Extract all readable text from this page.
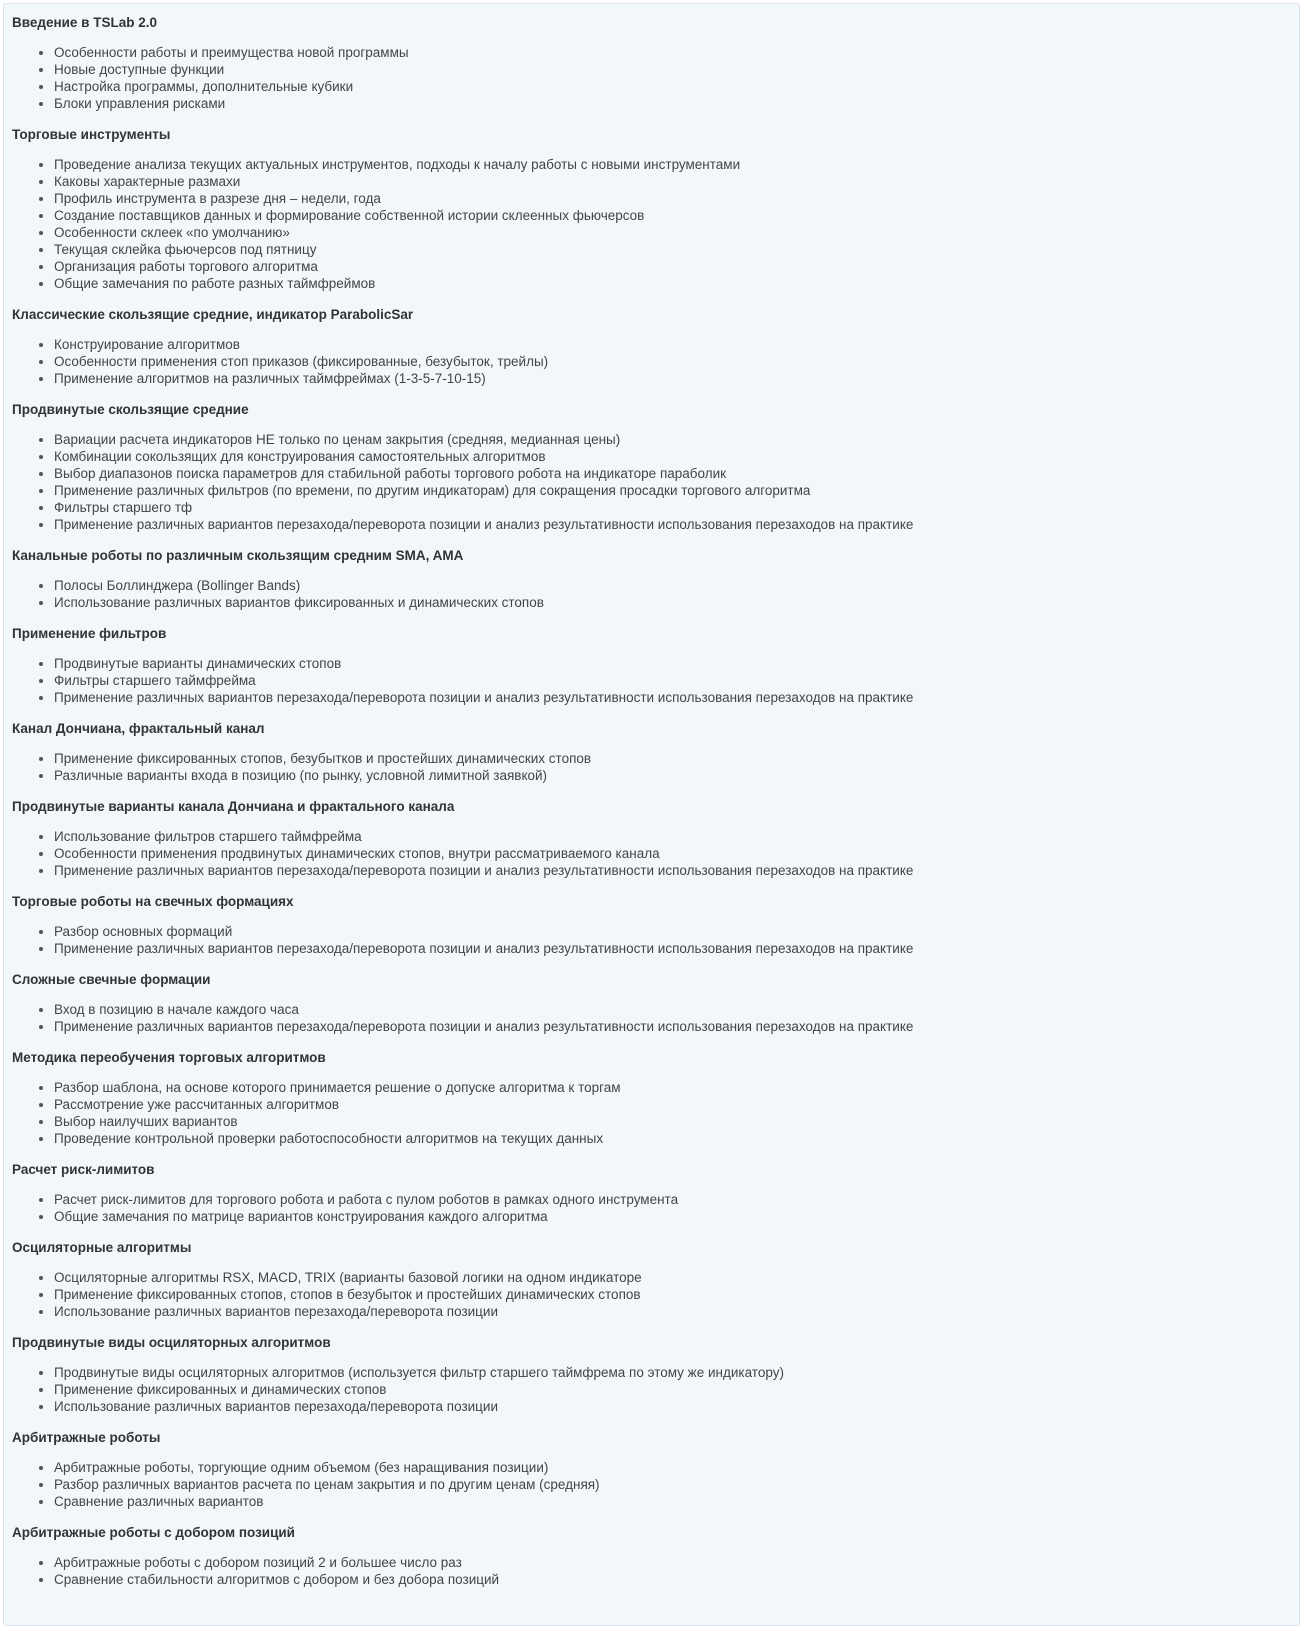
Введение в TSLab 2.0
Особенности работы и преимущества новой программы
Новые доступные функции
Настройка программы, дополнительные кубики
Блоки управления рисками
Торговые инструменты
Проведение анализа текущих актуальных инструментов, подходы к началу работы с новыми инструментами
Каковы характерные размахи
Профиль инструмента в разрезе дня – недели, года
Создание поставщиков данных и формирование собственной истории склеенных фьючерсов
Особенности склеек «по умолчанию»
Текущая склейка фьючерсов под пятницу
Организация работы торгового алгоритма
Общие замечания по работе разных таймфреймов
Классические скользящие средние, индикатор ParabolicSar
Конструирование алгоритмов
Особенности применения стоп приказов (фиксированные, безубыток, трейлы)
Применение алгоритмов на различных таймфреймах (1-3-5-7-10-15)
Продвинутые скользящие средние
Вариации расчета индикаторов НЕ только по ценам закрытия (средняя, медианная цены)
Комбинации сокользящих для конструирования самостоятельных алгоритмов
Выбор диапазонов поиска параметров для стабильной работы торгового робота на индикаторе параболик
Применение различных фильтров (по времени, по другим индикаторам) для сокращения просадки торгового алгоритма
Фильтры старшего тф
Применение различных вариантов перезахода/переворота позиции и анализ результативности использования перезаходов на практике
Канальные роботы по различным скользящим средним SMA, AMA
Полосы Боллинджера (Bollinger Bands)
Использование различных вариантов фиксированных и динамических стопов
Применение фильтров
Продвинутые варианты динамических стопов
Фильтры старшего таймфрейма
Применение различных вариантов перезахода/переворота позиции и анализ результативности использования перезаходов на практике
Канал Дончиана, фрактальный канал
Применение фиксированных стопов, безубытков и простейших динамических стопов
Различные варианты входа в позицию (по рынку, условной лимитной заявкой)
Продвинутые варианты канала Дончиана и фрактального канала
Использование фильтров старшего таймфрейма
Особенности применения продвинутых динамических стопов, внутри рассматриваемого канала
Применение различных вариантов перезахода/переворота позиции и анализ результативности использования перезаходов на практике
Торговые роботы на свечных формациях
Разбор основных формаций
Применение различных вариантов перезахода/переворота позиции и анализ результативности использования перезаходов на практике
Сложные свечные формации
Вход в позицию в начале каждого часа
Применение различных вариантов перезахода/переворота позиции и анализ результативности использования перезаходов на практике
Методика переобучения торговых алгоритмов
Разбор шаблона, на основе которого принимается решение о допуске алгоритма к торгам
Рассмотрение уже рассчитанных алгоритмов
Выбор наилучших вариантов
Проведение контрольной проверки работоспособности алгоритмов на текущих данных
Расчет риск-лимитов
Расчет риск-лимитов для торгового робота и работа с пулом роботов в рамках одного инструмента
Общие замечания по матрице вариантов конструирования каждого алгоритма
Осциляторные алгоритмы
Осциляторные алгоритмы RSX, MACD, TRIX (варианты базовой логики на одном индикаторе
Применение фиксированных стопов, стопов в безубыток и простейших динамических стопов
Использование различных вариантов перезахода/переворота позиции
Продвинутые виды осциляторных алгоритмов
Продвинутые виды осциляторных алгоритмов (используется фильтр старшего таймфрема по этому же индикатору)
Применение фиксированных и динамических стопов
Использование различных вариантов перезахода/переворота позиции
Арбитражные роботы
Арбитражные роботы, торгующие одним объемом (без наращивания позиции)
Разбор различных вариантов расчета по ценам закрытия и по другим ценам (средняя)
Сравнение различных вариантов
Арбитражные роботы с добором позиций
Арбитражные роботы с добором позиций 2 и большее число раз
Сравнение стабильности алгоритмов с добором и без добора позиций
